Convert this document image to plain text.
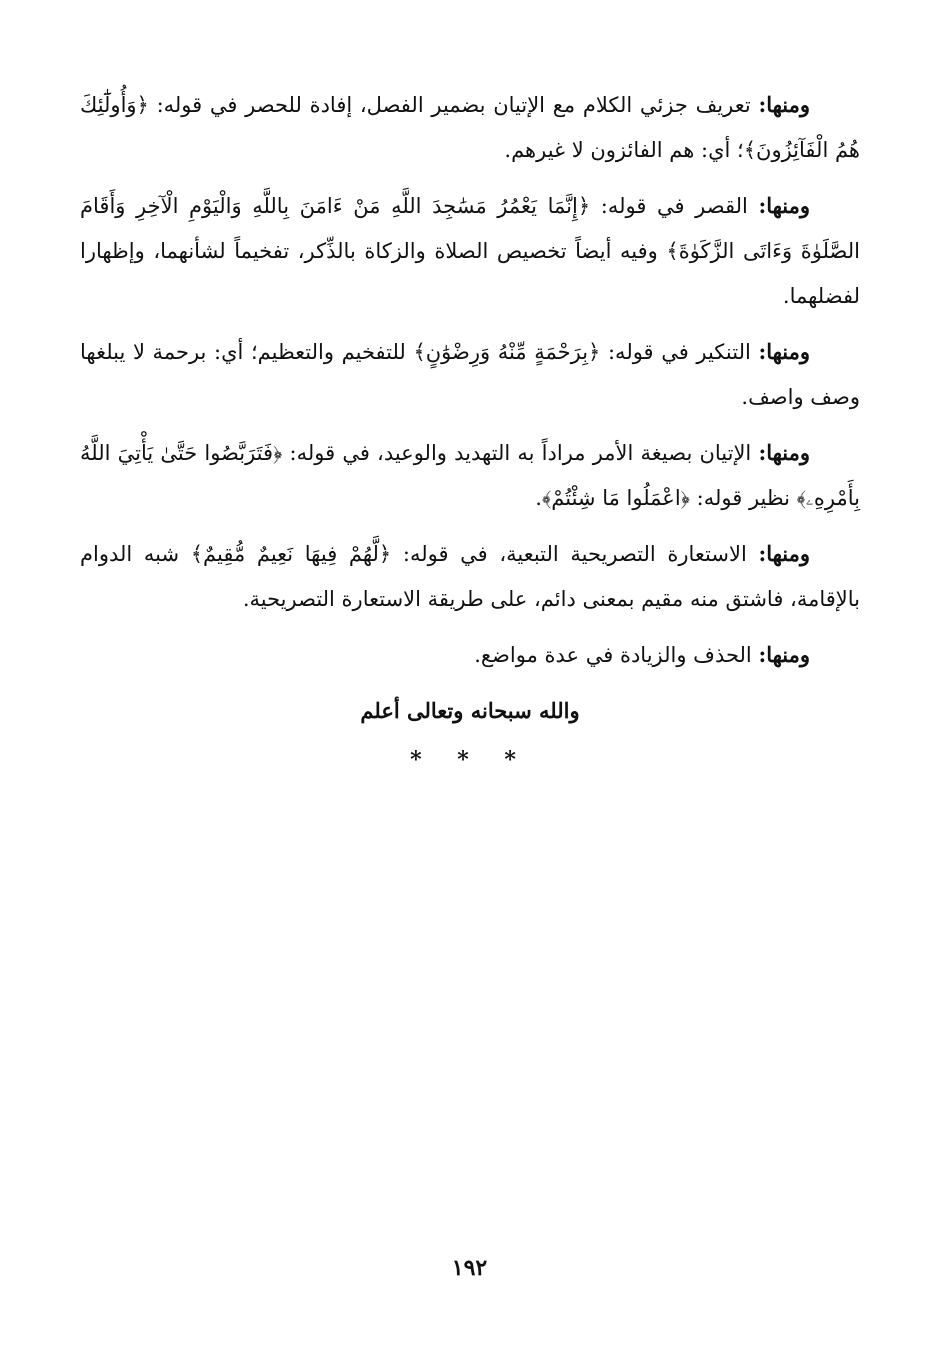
ومنها: تعريف جزئي الكلام مع الإتيان بضمير الفصل، إفادة للحصر في قوله: ﴿وَأُولَٰٓئِكَ هُمُ الْفَآئِزُونَ﴾؛ أي: هم الفائزون لا غيرهم.

ومنها: القصر في قوله: ﴿إِنَّمَا يَعْمُرُ مَسَٰجِدَ اللَّهِ مَنْ ءَامَنَ بِاللَّهِ وَالْيَوْمِ الْآخِرِ وَأَقَامَ الصَّلَوٰةَ وَءَاتَى الزَّكَوٰةَ﴾ وفيه أيضاً تخصيص الصلاة والزكاة بالذِّكر، تفخيماً لشأنهما، وإظهارا لفضلهما.

ومنها: التنكير في قوله: ﴿بِرَحْمَةٍ مِّنْهُ وَرِضْوَٰنٍ﴾ للتفخيم والتعظيم؛ أي: برحمة لا يبلغها وصف واصف.

ومنها: الإتيان بصيغة الأمر مراداً به التهديد والوعيد، في قوله: ﴿فَتَرَبَّصُوا حَتَّىٰ يَأْتِيَ اللَّهُ بِأَمْرِهِۦ﴾ نظير قوله: ﴿اعْمَلُوا مَا شِئْتُمْ﴾.

ومنها: الاستعارة التصريحية التبعية، في قوله: ﴿لَّهُمْ فِيهَا نَعِيمٌ مُّقِيمٌ﴾ شبه الدوام بالإقامة، فاشتق منه مقيم بمعنى دائم، على طريقة الاستعارة التصريحية.

ومنها: الحذف والزيادة في عدة مواضع.

والله سبحانه وتعالى أعلم
* * *
١٩٢
